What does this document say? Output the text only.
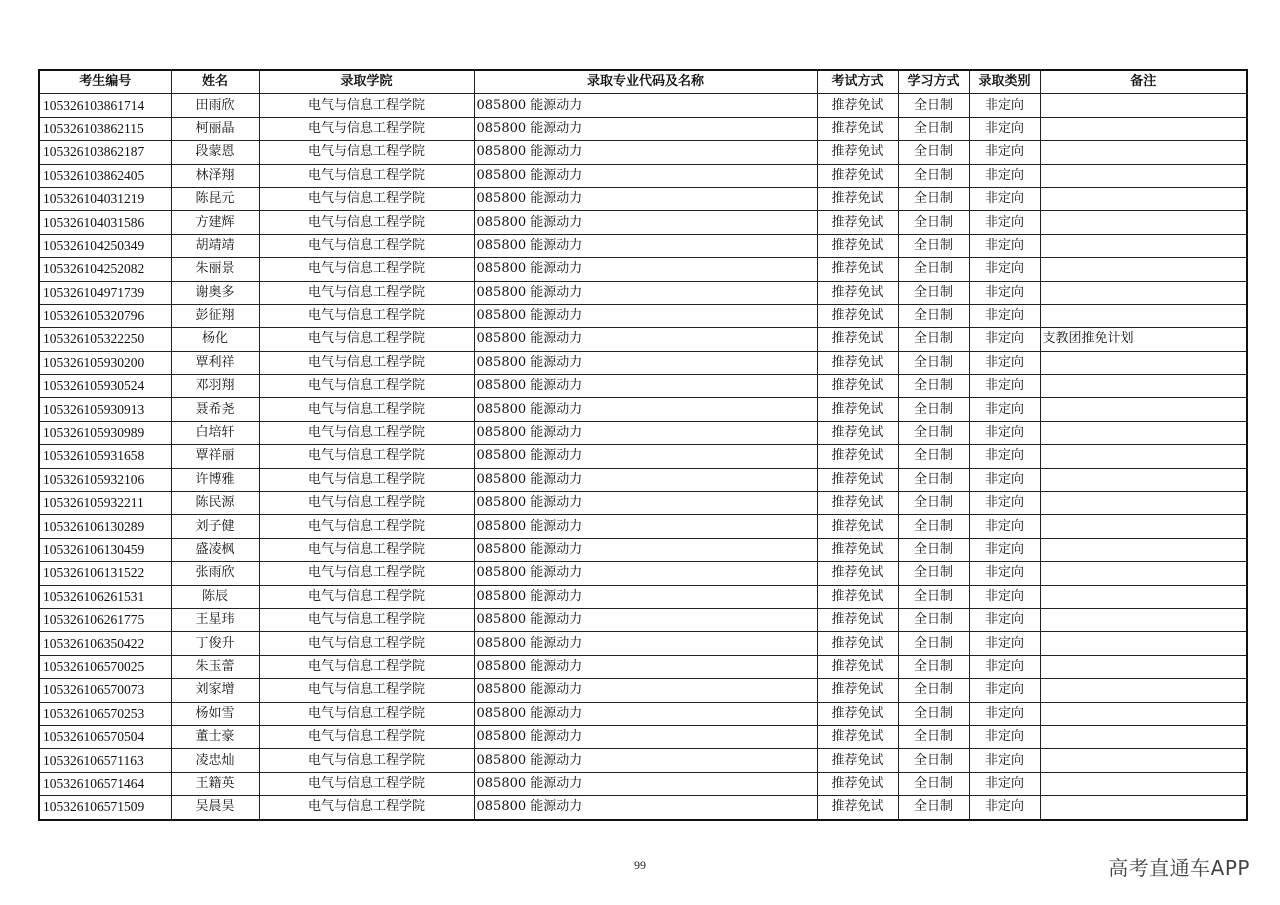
考生编号	姓名	录取学院	录取专业代码及名称	考试方式	学习方式	录取类别	备注
105326103861714	田雨欣	电气与信息工程学院	085800 能源动力	推荐免试	全日制	非定向	
105326103862115	柯丽晶	电气与信息工程学院	085800 能源动力	推荐免试	全日制	非定向	
105326103862187	段蒙恩	电气与信息工程学院	085800 能源动力	推荐免试	全日制	非定向	
105326103862405	林泽翔	电气与信息工程学院	085800 能源动力	推荐免试	全日制	非定向	
105326104031219	陈昆元	电气与信息工程学院	085800 能源动力	推荐免试	全日制	非定向	
105326104031586	方建辉	电气与信息工程学院	085800 能源动力	推荐免试	全日制	非定向	
105326104250349	胡靖靖	电气与信息工程学院	085800 能源动力	推荐免试	全日制	非定向	
105326104252082	朱丽景	电气与信息工程学院	085800 能源动力	推荐免试	全日制	非定向	
105326104971739	谢奥多	电气与信息工程学院	085800 能源动力	推荐免试	全日制	非定向	
105326105320796	彭征翔	电气与信息工程学院	085800 能源动力	推荐免试	全日制	非定向	
105326105322250	杨化	电气与信息工程学院	085800 能源动力	推荐免试	全日制	非定向	支教团推免计划
105326105930200	覃利祥	电气与信息工程学院	085800 能源动力	推荐免试	全日制	非定向	
105326105930524	邓羽翔	电气与信息工程学院	085800 能源动力	推荐免试	全日制	非定向	
105326105930913	聂希尧	电气与信息工程学院	085800 能源动力	推荐免试	全日制	非定向	
105326105930989	白培轩	电气与信息工程学院	085800 能源动力	推荐免试	全日制	非定向	
105326105931658	覃祥丽	电气与信息工程学院	085800 能源动力	推荐免试	全日制	非定向	
105326105932106	许博雅	电气与信息工程学院	085800 能源动力	推荐免试	全日制	非定向	
105326105932211	陈民源	电气与信息工程学院	085800 能源动力	推荐免试	全日制	非定向	
105326106130289	刘子健	电气与信息工程学院	085800 能源动力	推荐免试	全日制	非定向	
105326106130459	盛凌枫	电气与信息工程学院	085800 能源动力	推荐免试	全日制	非定向	
105326106131522	张雨欣	电气与信息工程学院	085800 能源动力	推荐免试	全日制	非定向	
105326106261531	陈辰	电气与信息工程学院	085800 能源动力	推荐免试	全日制	非定向	
105326106261775	王星玮	电气与信息工程学院	085800 能源动力	推荐免试	全日制	非定向	
105326106350422	丁俊升	电气与信息工程学院	085800 能源动力	推荐免试	全日制	非定向	
105326106570025	朱玉蕾	电气与信息工程学院	085800 能源动力	推荐免试	全日制	非定向	
105326106570073	刘家增	电气与信息工程学院	085800 能源动力	推荐免试	全日制	非定向	
105326106570253	杨如雪	电气与信息工程学院	085800 能源动力	推荐免试	全日制	非定向	
105326106570504	董士豪	电气与信息工程学院	085800 能源动力	推荐免试	全日制	非定向	
105326106571163	凌忠灿	电气与信息工程学院	085800 能源动力	推荐免试	全日制	非定向	
105326106571464	王籍英	电气与信息工程学院	085800 能源动力	推荐免试	全日制	非定向	
105326106571509	吴晨昊	电气与信息工程学院	085800 能源动力	推荐免试	全日制	非定向	
99	高考直通车APP
